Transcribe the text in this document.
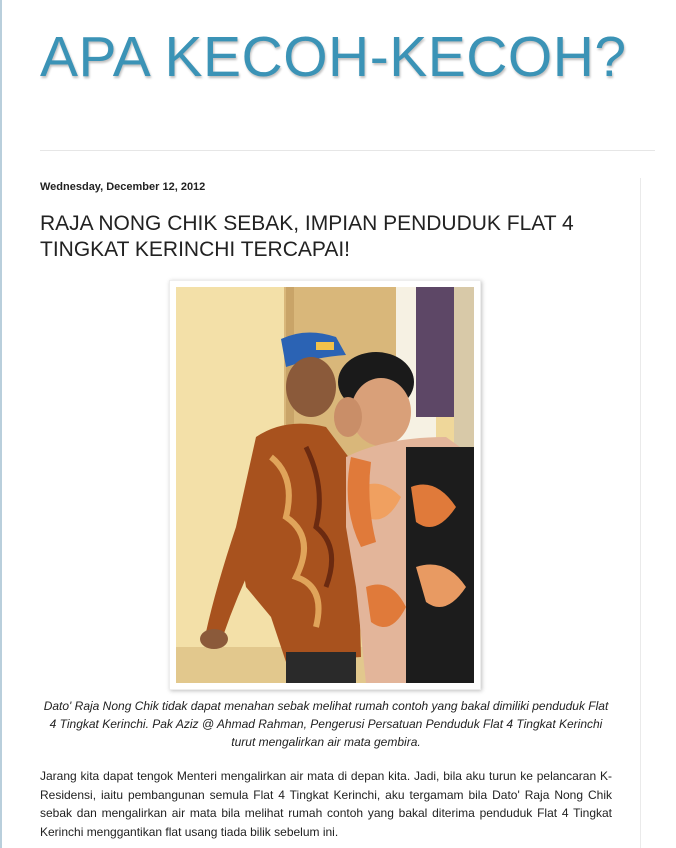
APA KECOH-KECOH?
Wednesday, December 12, 2012
RAJA NONG CHIK SEBAK, IMPIAN PENDUDUK FLAT 4 TINGKAT KERINCHI TERCAPAI!

Dato' Raja Nong Chik tidak dapat menahan sebak melihat rumah contoh yang bakal dimiliki penduduk Flat 4 Tingkat Kerinchi. Pak Aziz @ Ahmad Rahman, Pengerusi Persatuan Penduduk Flat 4 Tingkat Kerinchi turut mengalirkan air mata gembira.

Jarang kita dapat tengok Menteri mengalirkan air mata di depan kita. Jadi, bila aku turun ke pelancaran K-Residensi, iaitu pembangunan semula Flat 4 Tingkat Kerinchi, aku tergamam bila Dato' Raja Nong Chik sebak dan mengalirkan air mata bila melihat rumah contoh yang bakal diterima penduduk Flat 4 Tingkat Kerinchi menggantikan flat usang tiada bilik sebelum ini.
